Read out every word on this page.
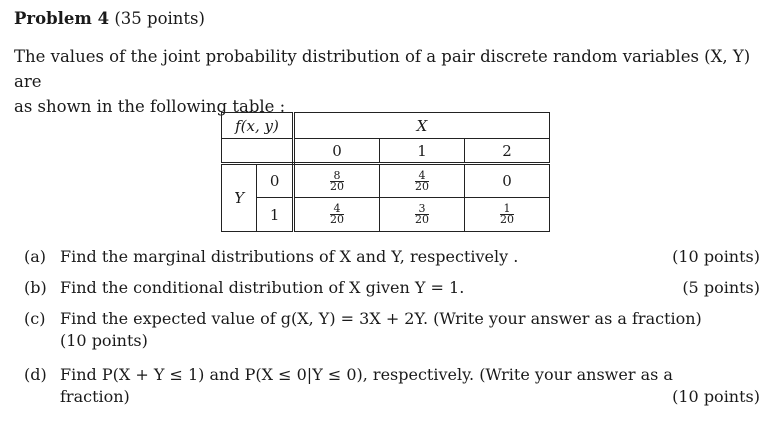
Problem 4 (35 points)
The values of the joint probability distribution of a pair discrete random variables (X, Y) are
as shown in the following table :
f(x, y)		X		
		0	1	2
Y	0	$\frac{8}{20}$	$\frac{4}{20}$	0
	1	$\frac{4}{20}$	$\frac{3}{20}$	$\frac{1}{20}$
(a) Find the marginal distributions of X and Y, respectively .	(10 points)
(b) Find the conditional distribution of X given Y = 1.	(5 points)
(c) Find the expected value of g(X, Y) = 3X + 2Y. (Write your answer as a fraction)
(10 points)
(d) Find P(X + Y ≤ 1) and P(X ≤ 0|Y ≤ 0), respectively. (Write your answer as a
fraction)	(10 points)
